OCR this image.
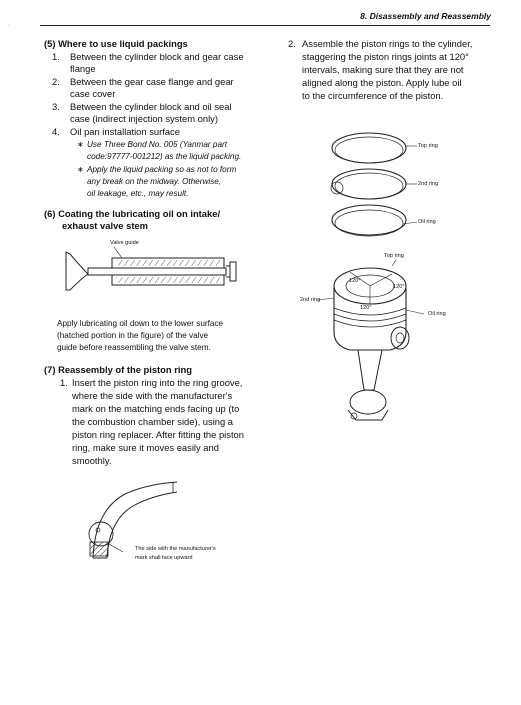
8. Disassembly and Reassembly
·
(5) Where to use liquid packings
1. Between the cylinder block and gear case
flange
2. Between the gear case flange and gear
case cover
3. Between the cylinder block and oil seal
case (indirect injection system only)
4. Oil pan installation surface
∗ Use Three Bond No. 005 (Yanmar part
code:97777-001212) as the liquid packing.
∗ Apply the liquid packing so as not to form
any break on the midway. Otherwise,
oil leakage, etc., may result.
(6) Coating the lubricating oil on intake/
exhaust valve stem
Valve guide
Apply lubricating oil down to the lower surface
(hatched portion in the figure) of the valve
guide before reassembling the valve stem.
(7) Reassembly of the piston ring
1. Insert the piston ring into the ring groove,
where the side with the manufacturer's
mark on the matching ends facing up (to
the combustion chamber side), using a
piston ring replacer. After fitting the piston
ring, make sure it moves easily and
smoothly.
The side with the manufacturer's
mark shall face upward
2. Assemble the piston rings to the cylinder,
staggering the piston rings joints at 120°
intervals, making sure that they are not
aligned along the piston. Apply lube oil
to the circumference of the piston.
Top ring
2nd ring
Oil ring
Top ring
2nd ring
Oil ring
120°
120°
120°
